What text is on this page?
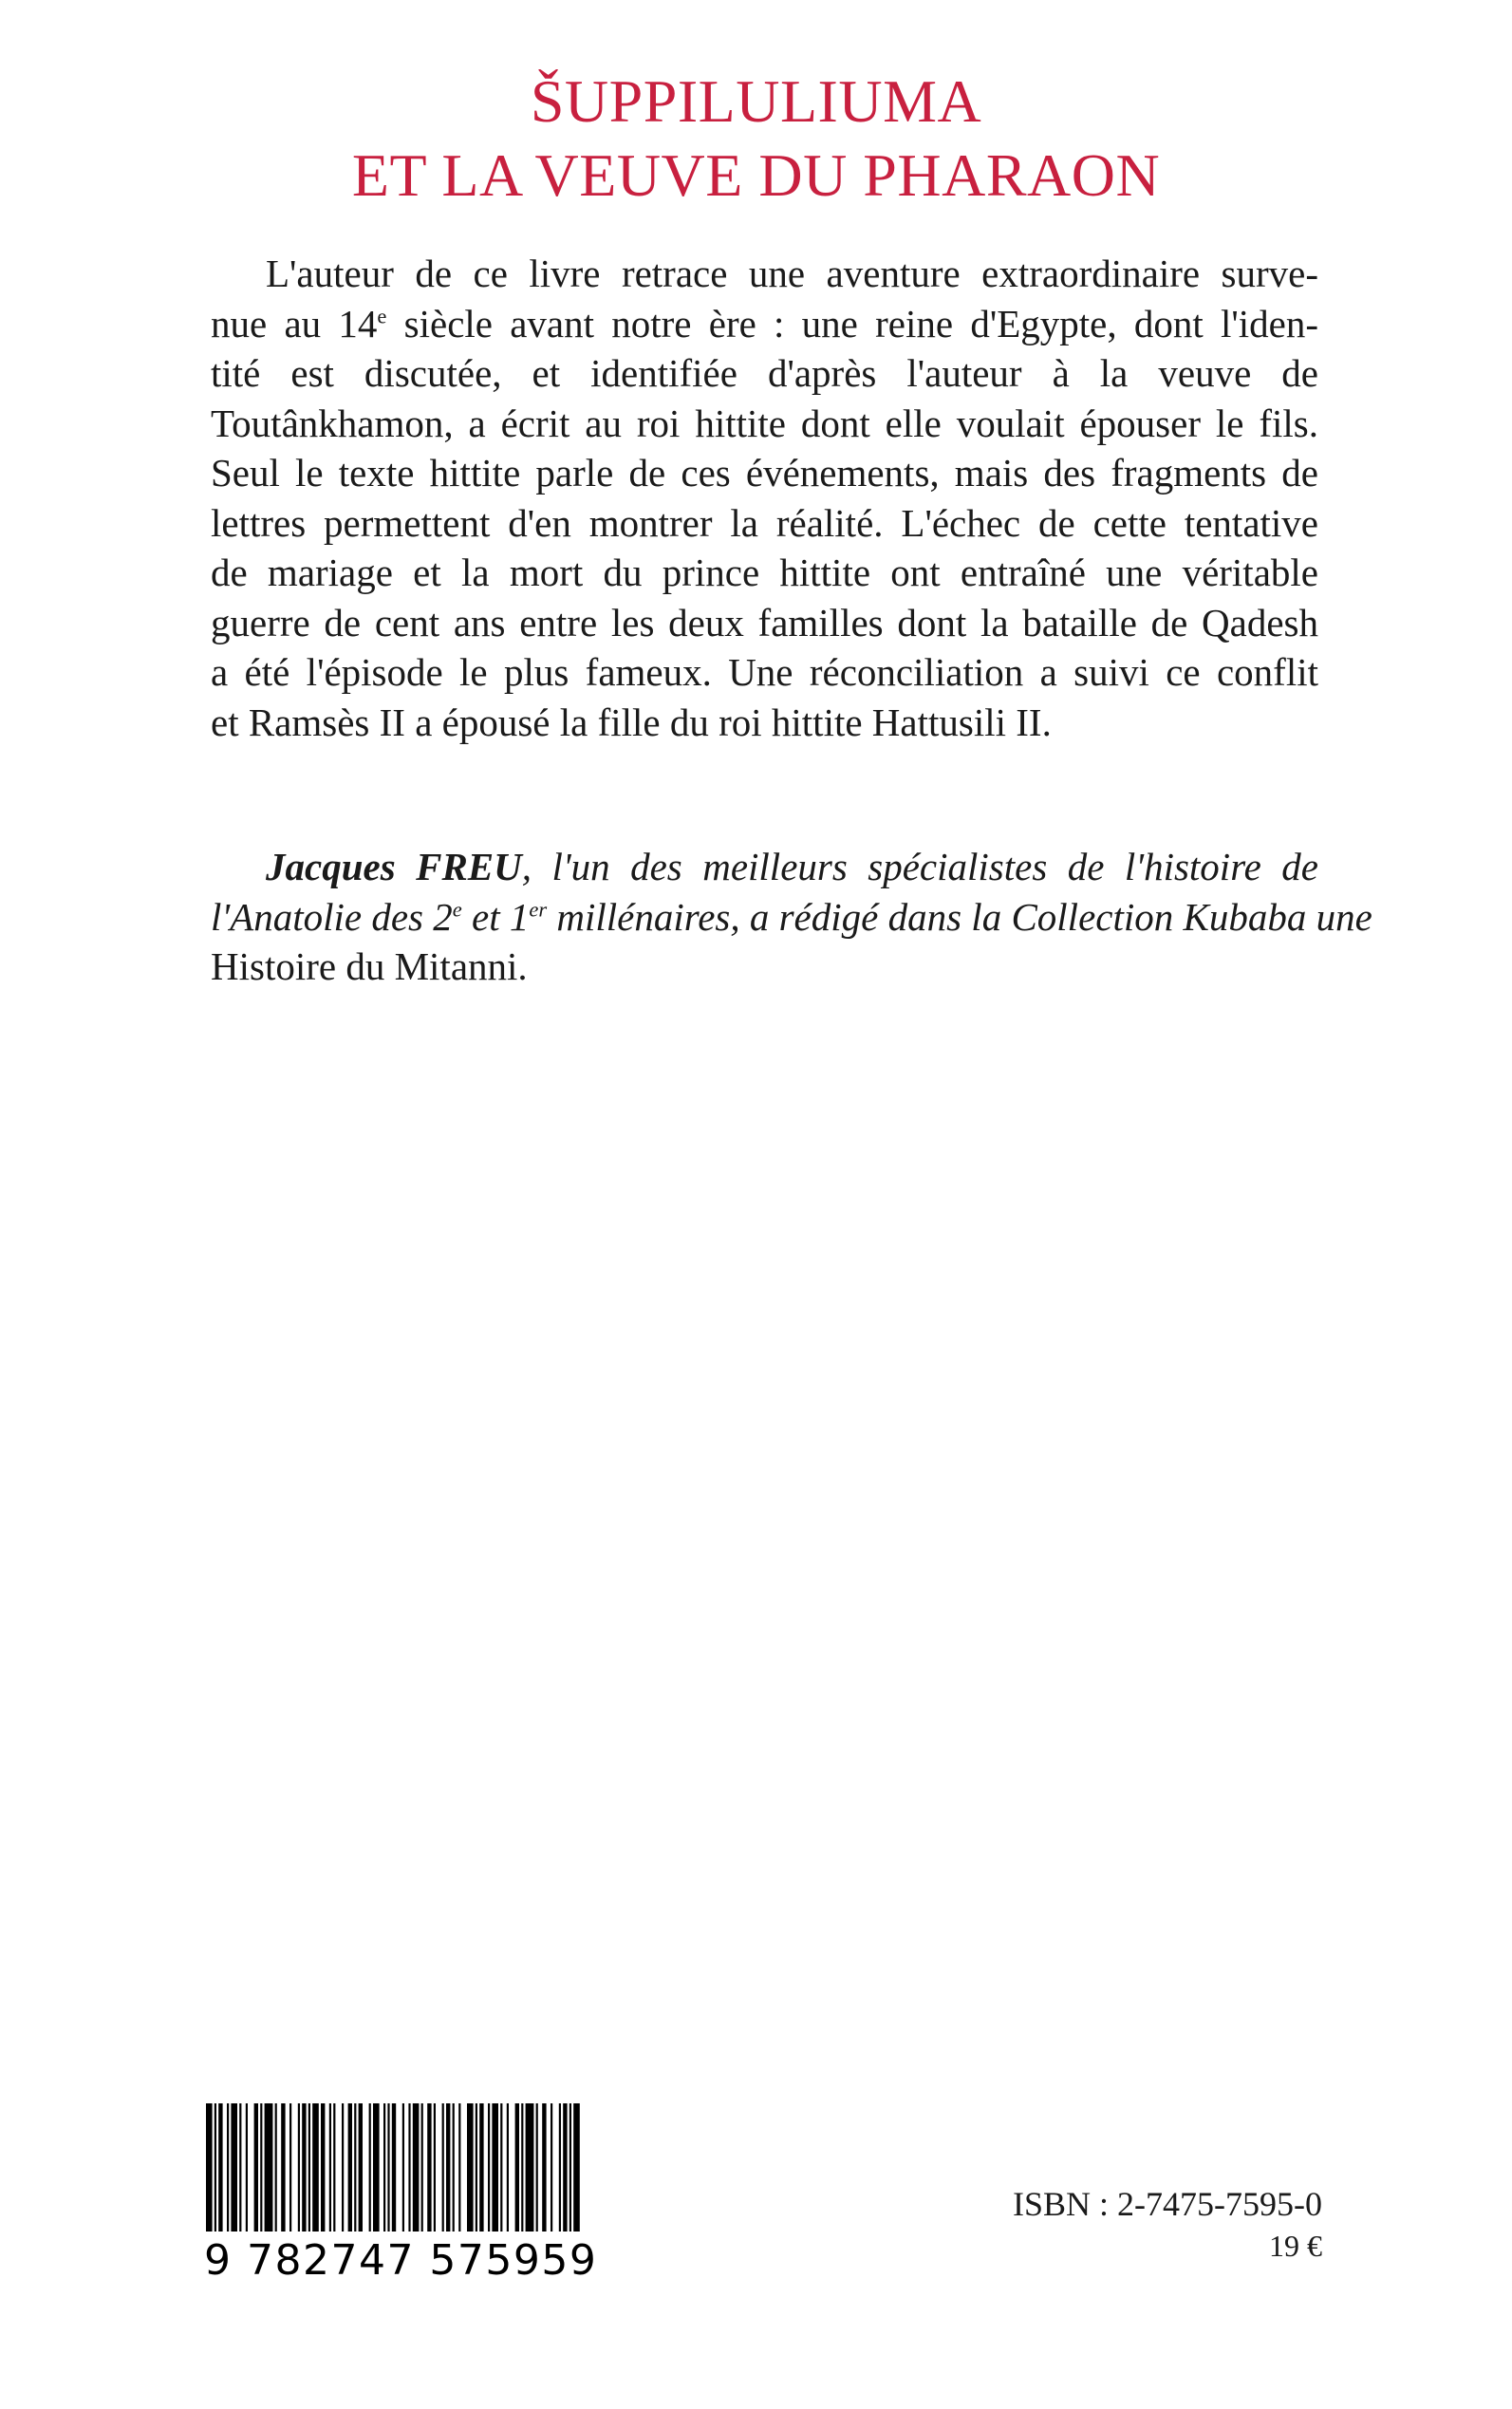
ŠUPPILULIUMA
ET LA VEUVE DU PHARAON
L'auteur de ce livre retrace une aventure extraordinaire surve-
nue au 14e siècle avant notre ère : une reine d'Egypte, dont l'iden-
tité est discutée, et identifiée d'après l'auteur à la veuve de
Toutânkhamon, a écrit au roi hittite dont elle voulait épouser le fils.
Seul le texte hittite parle de ces événements, mais des fragments de
lettres permettent d'en montrer la réalité. L'échec de cette tentative
de mariage et la mort du prince hittite ont entraîné une véritable
guerre de cent ans entre les deux familles dont la bataille de Qadesh
a été l'épisode le plus fameux. Une réconciliation a suivi ce conflit
et Ramsès II a épousé la fille du roi hittite Hattusili II.
Jacques FREU, l'un des meilleurs spécialistes de l'histoire de
l'Anatolie des 2e et 1er millénaires, a rédigé dans la Collection Kubaba une
Histoire du Mitanni.
9 782747 575959
ISBN : 2-7475-7595-0
19 €
